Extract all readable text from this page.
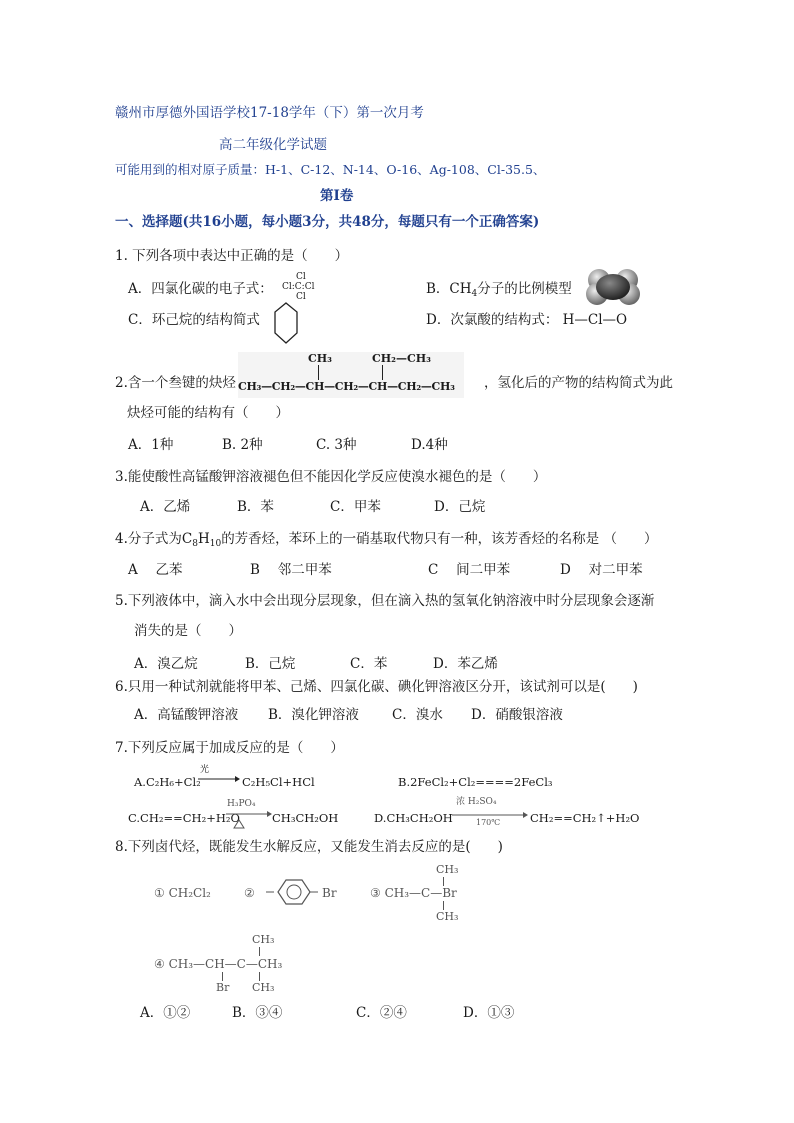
赣州市厚德外国语学校17-18学年（下）第一次月考
高二年级化学试题
可能用到的相对原子质量：H-1、C-12、N-14、O-16、Ag-108、Cl-35.5、
第Ⅰ卷
一、选择题(共16小题，每小题3分，共48分，每题只有一个正确答案)
1. 下列各项中表达中正确的是（　　）
A．四氯化碳的电子式：
Cl
Cl:C:Cl
Cl	B．$CH_4$分子的比例模型
C．环己烷的结构简式	D．次氯酸的结构式： H—Cl—O
2.含一个叁键的炔烃
CH₃	CH₂—CH₃
CH₃—CH₂—CH—CH₂—CH—CH₂—CH₃ ，氢化后的产物的结构简式为此
炔烃可能的结构有（　　）
A．1种	B. 2种	C. 3种	D.4种
3.能使酸性高锰酸钾溶液褪色但不能因化学反应使溴水褪色的是（　　）
A．乙烯	B．苯	C．甲苯	D．己烷
4.分子式为$C_8H_{10}$的芳香烃，苯环上的一硝基取代物只有一种，该芳香烃的名称是 （　　）
A　 乙苯	B　 邻二甲苯	C　 间二甲苯	D　 对二甲苯
5.下列液体中，滴入水中会出现分层现象，但在滴入热的氢氧化钠溶液中时分层现象会逐渐
消失的是（　　）
A．溴乙烷	B．己烷	C．苯	D．苯乙烯
6.只用一种试剂就能将甲苯、己烯、四氯化碳、碘化钾溶液区分开，该试剂可以是(　　)
A．高锰酸钾溶液 B．溴化钾溶液 C．溴水 D．硝酸银溶液
7.下列反应属于加成反应的是（　　）
A.C₂H₆+Cl₂
光
C₂H₅Cl+HCl	B.2FeCl₂+Cl₂====2FeCl₃
C.CH₂==CH₂+H₂O
H₃PO₄
CH₃CH₂OH	D.CH₃CH₂OH
浓 H₂SO₄
170℃	CH₂==CH₂↑+H₂O
8.下列卤代烃，既能发生水解反应，又能发生消去反应的是(　　)
① CH₂Cl₂	②	Br
CH₃
③ CH₃—C—Br
CH₃
CH₃
④ CH₃—CH—C—CH₃
Br CH₃
A．①②	B．③④	C．②④	D．①③
